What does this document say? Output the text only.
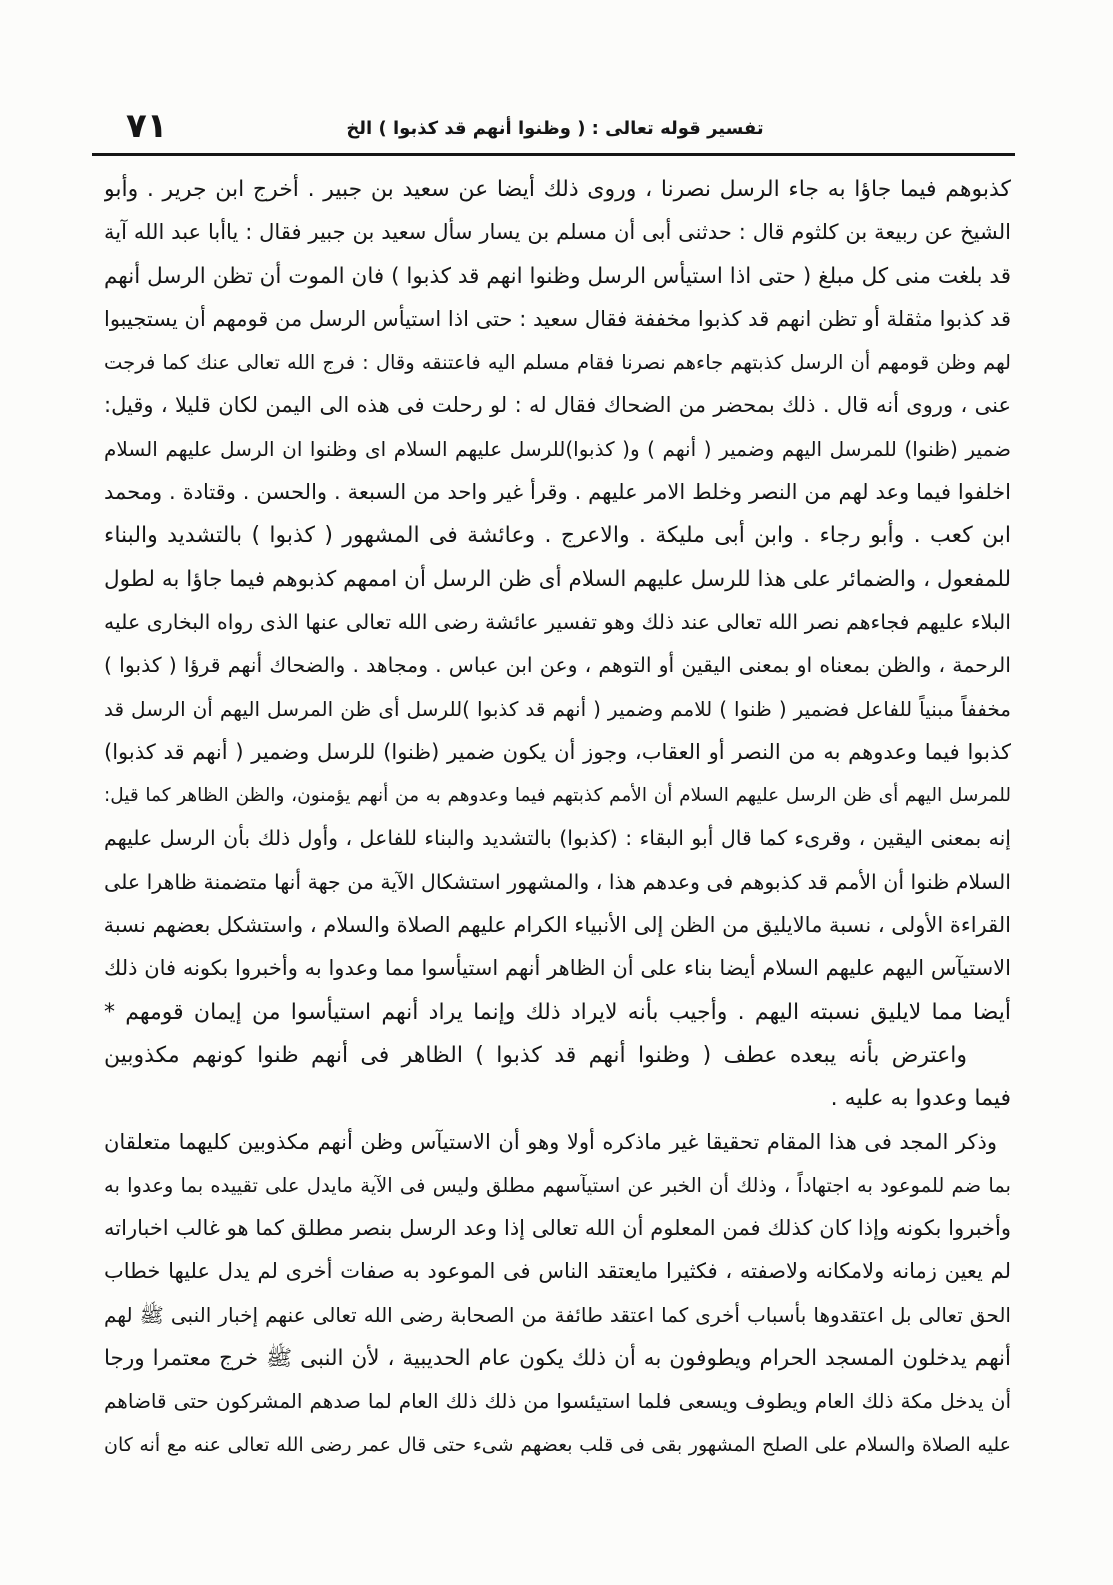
٧١	تفسير قوله تعالى : ( وظنوا أنهم قد كذبوا ) الخ
كذبوهم فيما جاؤا به جاء الرسل نصرنا ، وروى ذلك أيضا عن سعيد بن جبير . أخرج ابن جرير . وأبو
الشيخ عن ربيعة بن كلثوم قال : حدثنى أبى أن مسلم بن يسار سأل سعيد بن جبير فقال : ياأبا عبد الله آية
قد بلغت منى كل مبلغ ( حتى اذا استيأس الرسل وظنوا انهم قد كذبوا ) فان الموت أن تظن الرسل أنهم
قد كذبوا مثقلة أو تظن انهم قد كذبوا مخففة فقال سعيد : حتى اذا استيأس الرسل من قومهم أن يستجيبوا
لهم وظن قومهم أن الرسل كذبتهم جاءهم نصرنا فقام مسلم اليه فاعتنقه وقال : فرج الله تعالى عنك كما فرجت
عنى ، وروى أنه قال . ذلك بمحضر من الضحاك فقال له : لو رحلت فى هذه الى اليمن لكان قليلا ، وقيل:
ضمير (ظنوا) للمرسل اليهم وضمير ( أنهم ) و( كذبوا)للرسل عليهم السلام اى وظنوا ان الرسل عليهم السلام
اخلفوا فيما وعد لهم من النصر وخلط الامر عليهم . وقرأ غير واحد من السبعة . والحسن . وقتادة . ومحمد
ابن كعب . وأبو رجاء . وابن أبى مليكة . والاعرج . وعائشة فى المشهور ( كذبوا ) بالتشديد والبناء
للمفعول ، والضمائر على هذا للرسل عليهم السلام أى ظن الرسل أن اممهم كذبوهم فيما جاؤا به لطول
البلاء عليهم فجاءهم نصر الله تعالى عند ذلك وهو تفسير عائشة رضى الله تعالى عنها الذى رواه البخارى عليه
الرحمة ، والظن بمعناه او بمعنى اليقين أو التوهم ، وعن ابن عباس . ومجاهد . والضحاك أنهم قرؤا ( كذبوا )
مخففاً مبنياً للفاعل فضمير ( ظنوا ) للامم وضمير ( أنهم قد كذبوا )للرسل أى ظن المرسل اليهم أن الرسل قد
كذبوا فيما وعدوهم به من النصر أو العقاب، وجوز أن يكون ضمير (ظنوا) للرسل وضمير ( أنهم قد كذبوا)
للمرسل اليهم أى ظن الرسل عليهم السلام أن الأمم كذبتهم فيما وعدوهم به من أنهم يؤمنون، والظن الظاهر كما قيل:
إنه بمعنى اليقين ، وقرىء كما قال أبو البقاء : (كذبوا) بالتشديد والبناء للفاعل ، وأول ذلك بأن الرسل عليهم
السلام ظنوا أن الأمم قد كذبوهم فى وعدهم هذا ، والمشهور استشكال الآية من جهة أنها متضمنة ظاهرا على
القراءة الأولى ، نسبة مالايليق من الظن إلى الأنبياء الكرام عليهم الصلاة والسلام ، واستشكل بعضهم نسبة
الاستيآس اليهم عليهم السلام أيضا بناء على أن الظاهر أنهم استيأسوا مما وعدوا به وأخبروا بكونه فان ذلك
أيضا مما لايليق نسبته اليهم . وأجيب بأنه لايراد ذلك وإنما يراد أنهم استيأسوا من إيمان قومهم *
واعترض بأنه يبعده عطف ( وظنوا أنهم قد كذبوا ) الظاهر فى أنهم ظنوا كونهم مكذوبين
فيما وعدوا به عليه .
وذكر المجد فى هذا المقام تحقيقا غير ماذكره أولا وهو أن الاستيآس وظن أنهم مكذوبين كليهما متعلقان
بما ضم للموعود به اجتهاداً ، وذلك أن الخبر عن استيآسهم مطلق وليس فى الآية مايدل على تقييده بما وعدوا به
وأخبروا بكونه وإذا كان كذلك فمن المعلوم أن الله تعالى إذا وعد الرسل بنصر مطلق كما هو غالب اخباراته
لم يعين زمانه ولامكانه ولاصفته ، فكثيرا مايعتقد الناس فى الموعود به صفات أخرى لم يدل عليها خطاب
الحق تعالى بل اعتقدوها بأسباب أخرى كما اعتقد طائفة من الصحابة رضى الله تعالى عنهم إخبار النبى ﷺ لهم
أنهم يدخلون المسجد الحرام ويطوفون به أن ذلك يكون عام الحديبية ، لأن النبى ﷺ خرج معتمرا ورجا
أن يدخل مكة ذلك العام ويطوف ويسعى فلما استيئسوا من ذلك ذلك العام لما صدهم المشركون حتى قاضاهم
عليه الصلاة والسلام على الصلح المشهور بقى فى قلب بعضهم شىء حتى قال عمر رضى الله تعالى عنه مع أنه كان
